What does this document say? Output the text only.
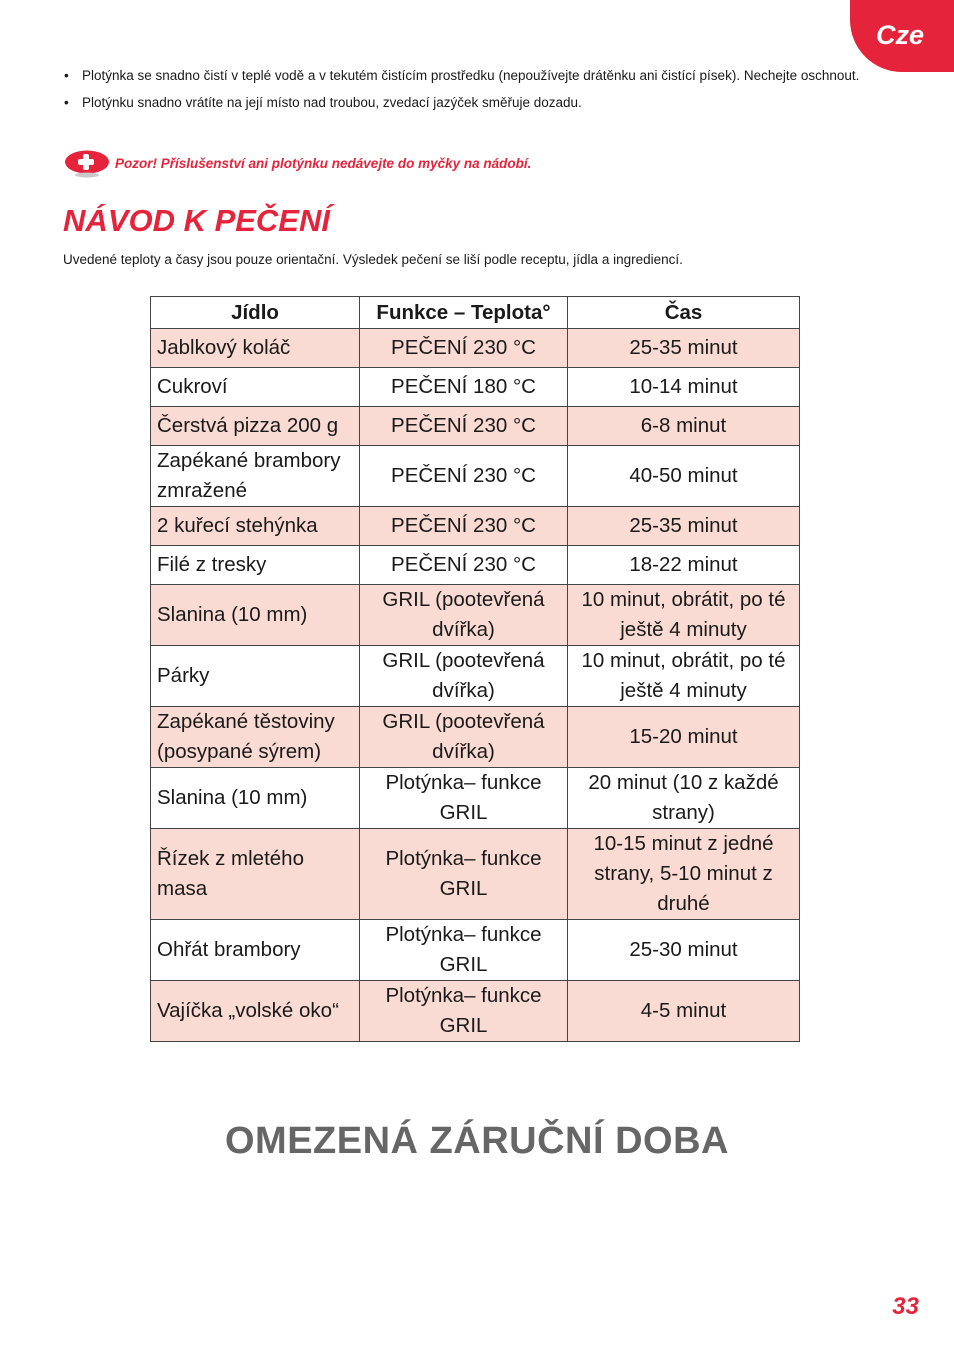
Cze
• Plotýnka se snadno čistí v teplé vodě a v tekutém čistícím prostředku (nepoužívejte drátěnku ani čistící písek). Nechejte oschnout.
• Plotýnku snadno vrátíte na její místo nad troubou, zvedací jazýček směřuje dozadu.
Pozor! Příslušenství ani plotýnku nedávejte do myčky na nádobí.
NÁVOD K PEČENÍ
Uvedené teploty a časy jsou pouze orientační. Výsledek pečení se liší podle receptu, jídla a ingrediencí.
Jídlo	Funkce – Teplota°	Čas
Jablkový koláč	PEČENÍ 230 °C	25-35 minut
Cukroví	PEČENÍ 180 °C	10-14 minut
Čerstvá pizza 200 g	PEČENÍ 230 °C	6-8 minut
Zapékané brambory zmražené	PEČENÍ 230 °C	40-50 minut
2 kuřecí stehýnka	PEČENÍ 230 °C	25-35 minut
Filé z tresky	PEČENÍ 230 °C	18-22 minut
Slanina (10 mm)	GRIL (pootevřená dvířka)	10 minut, obrátit, po té ještě 4 minuty
Párky	GRIL (pootevřená dvířka)	10 minut, obrátit, po té ještě 4 minuty
Zapékané těstoviny (posypané sýrem)	GRIL (pootevřená dvířka)	15-20 minut
Slanina (10 mm)	Plotýnka– funkce GRIL	20 minut (10 z každé strany)
Řízek z mletého masa	Plotýnka– funkce GRIL	10-15 minut z jedné strany, 5-10 minut z druhé
Ohřát brambory	Plotýnka– funkce GRIL	25-30 minut
Vajíčka „volské oko“	Plotýnka– funkce GRIL	4-5 minut
OMEZENÁ ZÁRUČNÍ DOBA
33
